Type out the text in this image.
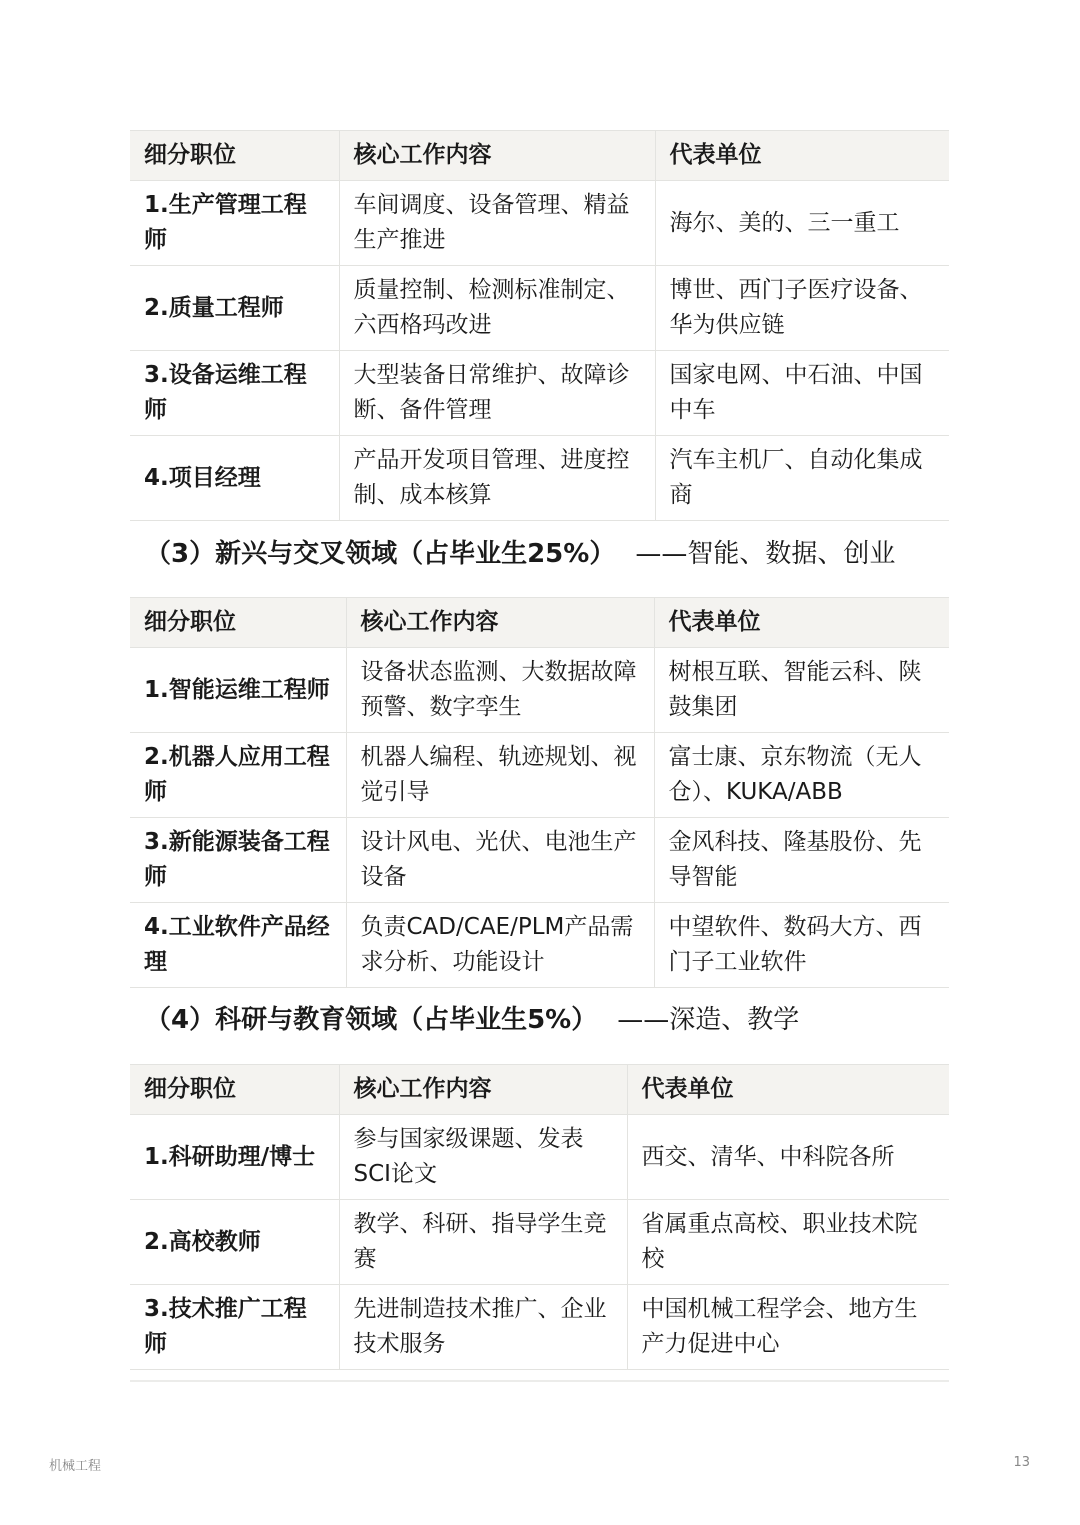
细分职位	核心工作内容	代表单位
1.生产管理工程师	车间调度、设备管理、精益生产推进	海尔、美的、三一重工
2.质量工程师	质量控制、检测标准制定、六西格玛改进	博世、西门子医疗设备、华为供应链
3.设备运维工程师	大型装备日常维护、故障诊断、备件管理	国家电网、中石油、中国中车
4.项目经理	产品开发项目管理、进度控制、成本核算	汽车主机厂、自动化集成商
（3）新兴与交叉领域（占毕业生25%） ——智能、数据、创业
细分职位	核心工作内容	代表单位
1.智能运维工程师	设备状态监测、大数据故障预警、数字孪生	树根互联、智能云科、陕鼓集团
2.机器人应用工程师	机器人编程、轨迹规划、视觉引导	富士康、京东物流（无人仓）、KUKA/ABB
3.新能源装备工程师	设计风电、光伏、电池生产设备	金风科技、隆基股份、先导智能
4.工业软件产品经理	负责CAD/CAE/PLM产品需求分析、功能设计	中望软件、数码大方、西门子工业软件
（4）科研与教育领域（占毕业生5%） ——深造、教学
细分职位	核心工作内容	代表单位
1.科研助理/博士	参与国家级课题、发表SCI论文	西交、清华、中科院各所
2.高校教师	教学、科研、指导学生竞赛	省属重点高校、职业技术院校
3.技术推广工程师	先进制造技术推广、企业技术服务	中国机械工程学会、地方生产力促进中心
机械工程	13
